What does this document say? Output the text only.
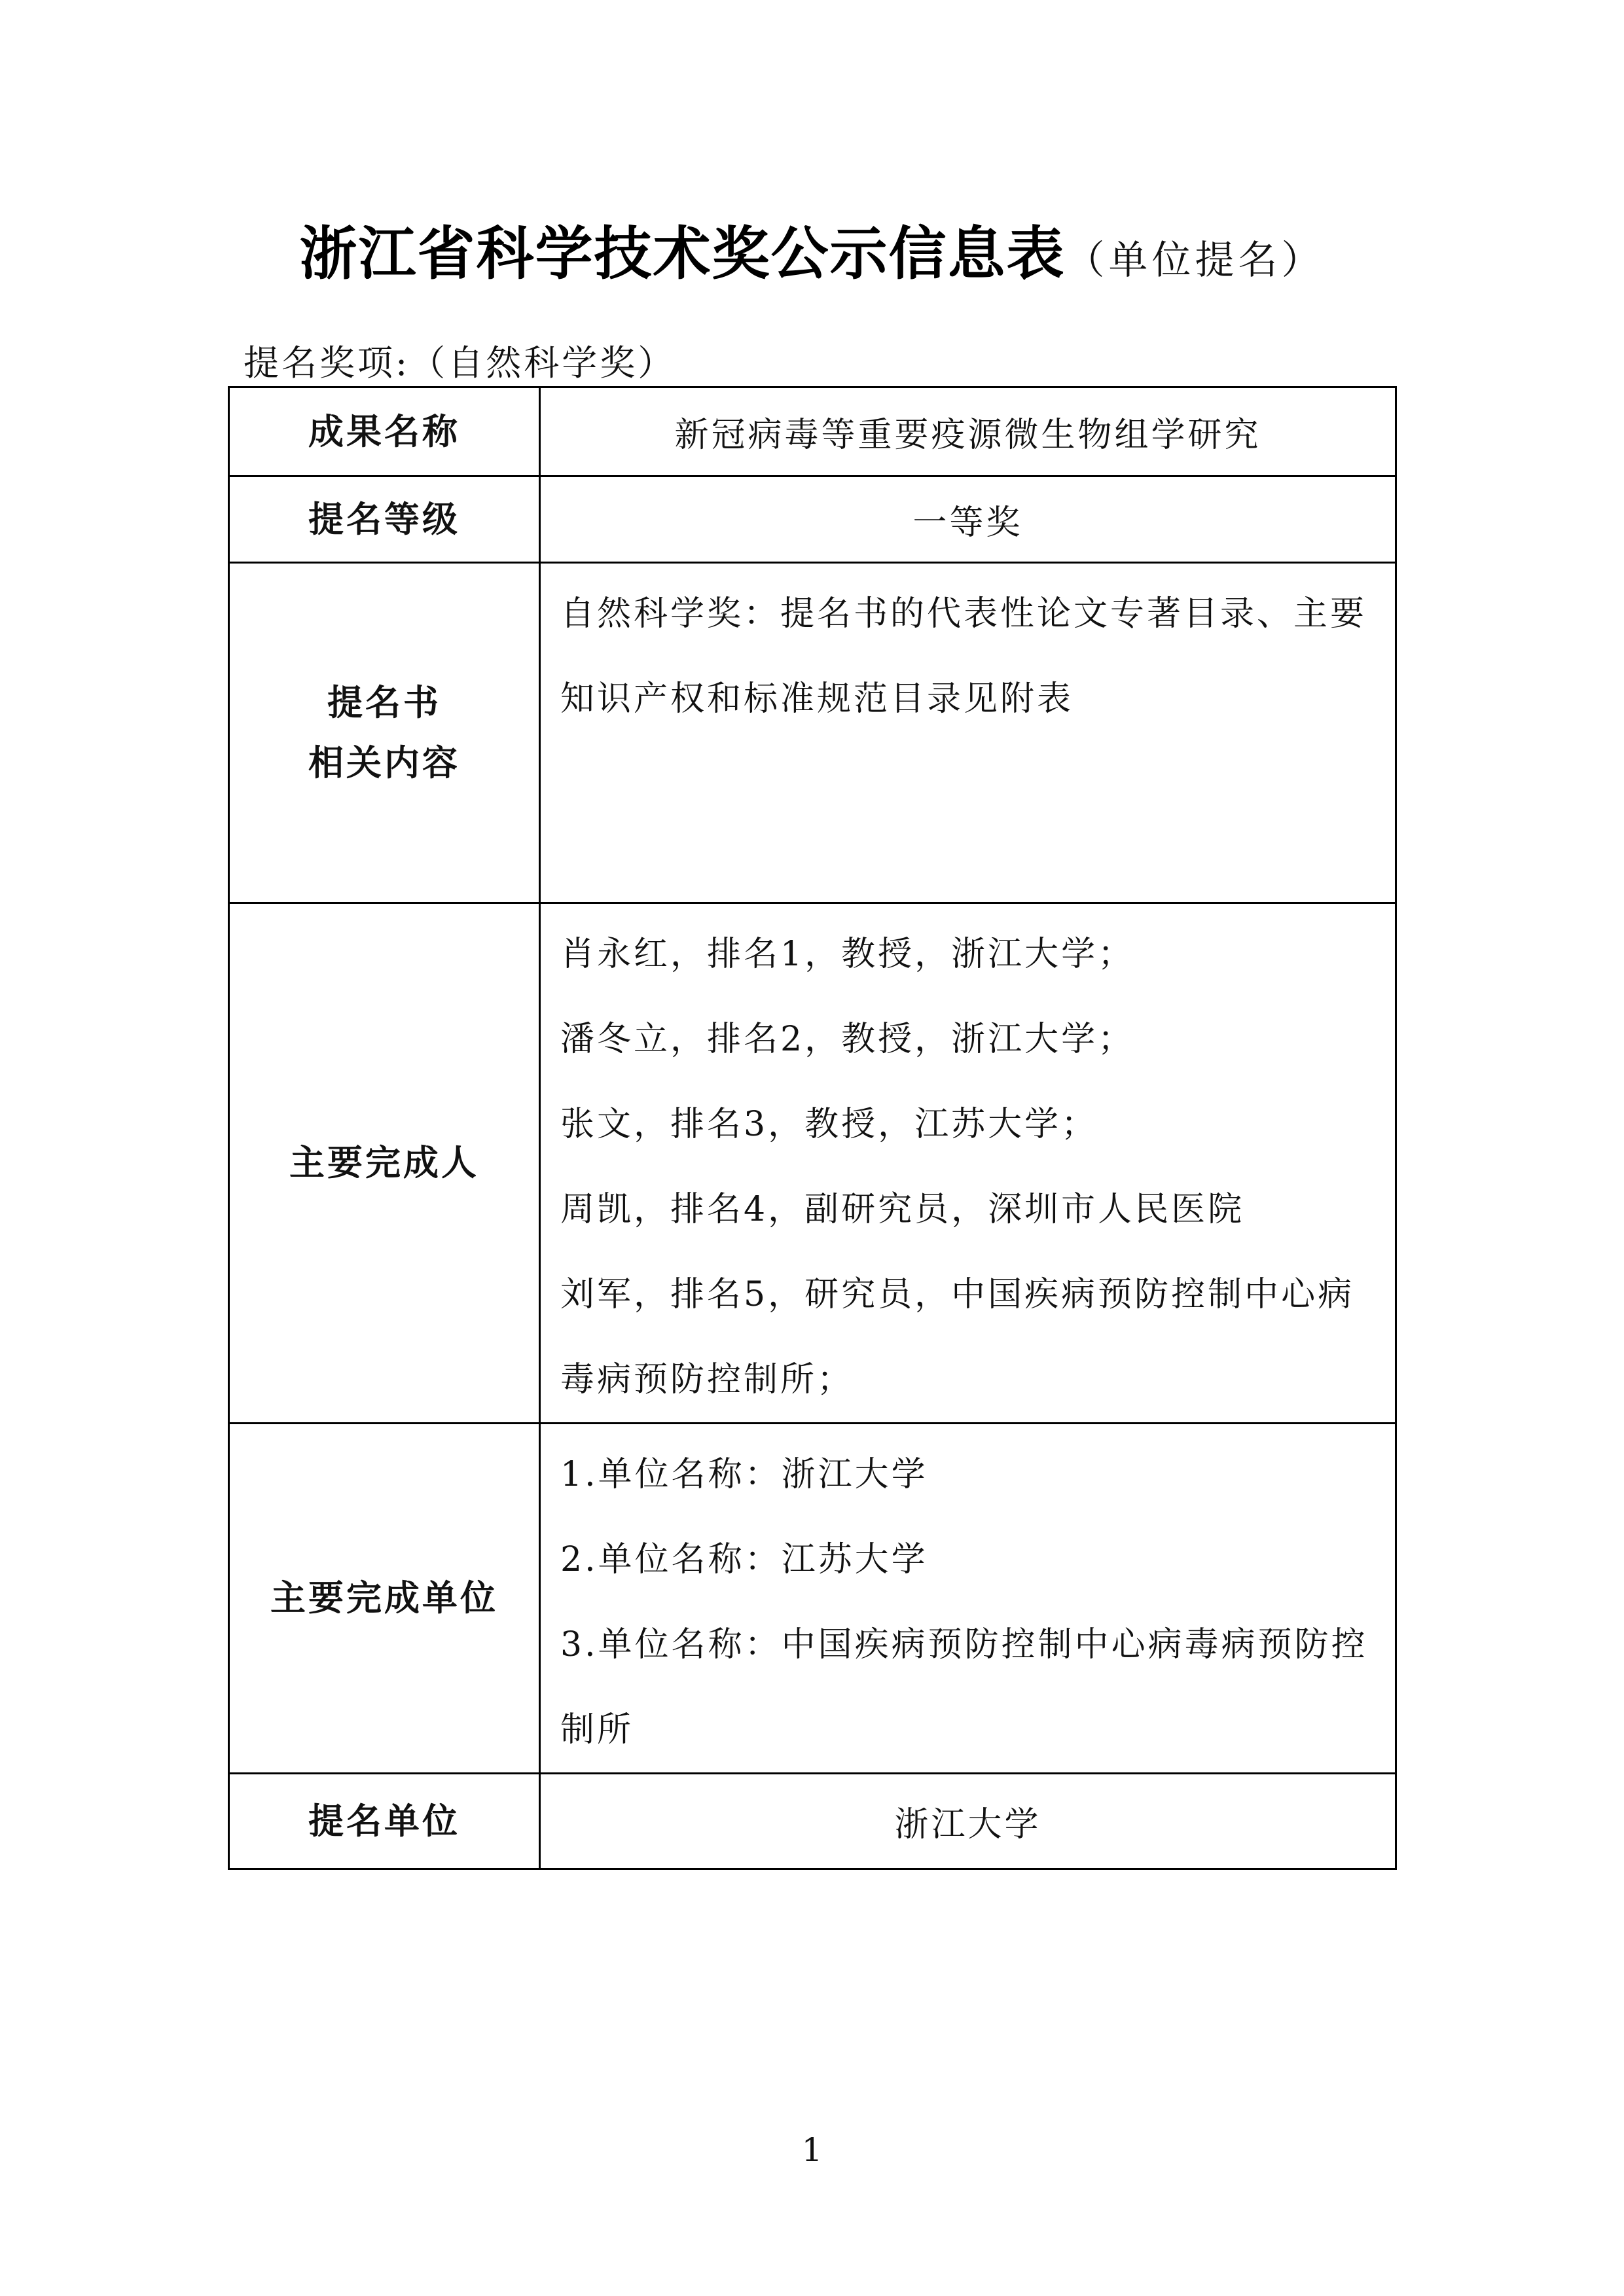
浙江省科学技术奖公示信息表（单位提名）
提名奖项:（自然科学奖）
成果名称	新冠病毒等重要疫源微生物组学研究
提名等级	一等奖

提名书
相关内容	自然科学奖：提名书的代表性论文专著目录、主要知识产权和标准规范目录见附表

主要完成人	肖永红，排名1，教授，浙江大学；
潘冬立，排名2，教授，浙江大学；
张文，排名3，教授，江苏大学；
周凯，排名4，副研究员，深圳市人民医院
刘军，排名5，研究员，中国疾病预防控制中心病毒病预防控制所；

主要完成单位	1.单位名称：浙江大学
2.单位名称：江苏大学
3.单位名称：中国疾病预防控制中心病毒病预防控制所

提名单位	浙江大学
1
